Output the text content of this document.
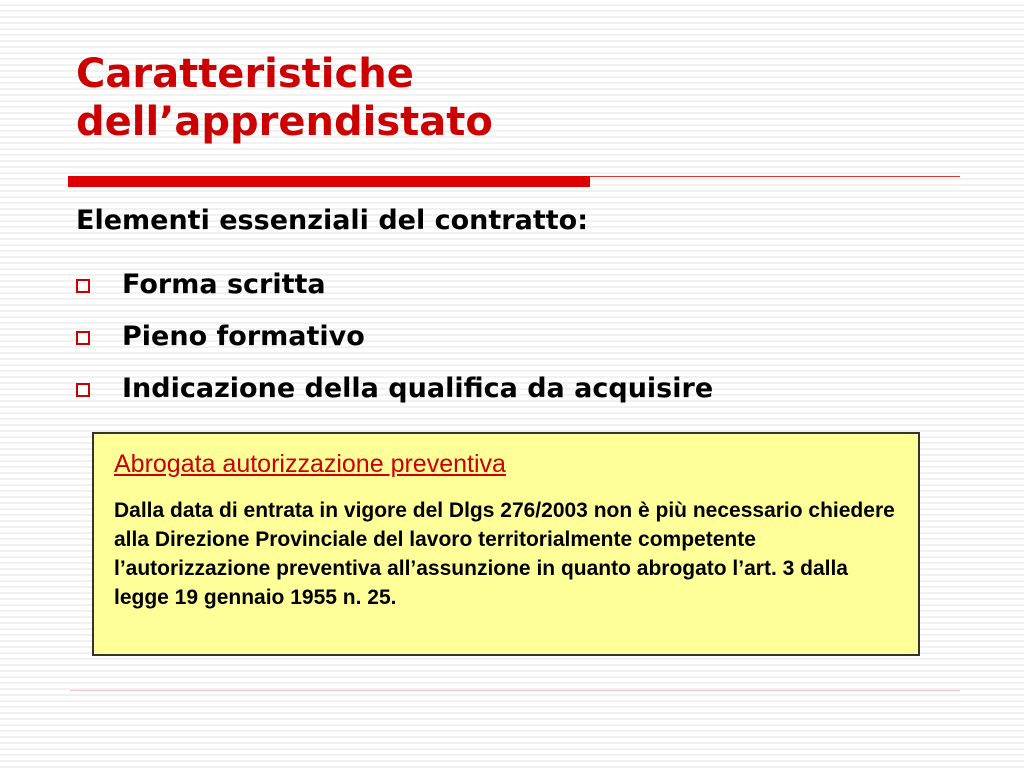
Caratteristiche
dell’apprendistato
Elementi essenziali del contratto:
Forma scritta
Pieno formativo
Indicazione della qualifica da acquisire

Abrogata autorizzazione preventiva

Dalla data di entrata in vigore del Dlgs 276/2003 non è più necessario chiedere alla Direzione Provinciale del lavoro territorialmente competente l’autorizzazione preventiva all’assunzione in quanto abrogato l’art. 3 dalla legge 19 gennaio 1955 n. 25.
